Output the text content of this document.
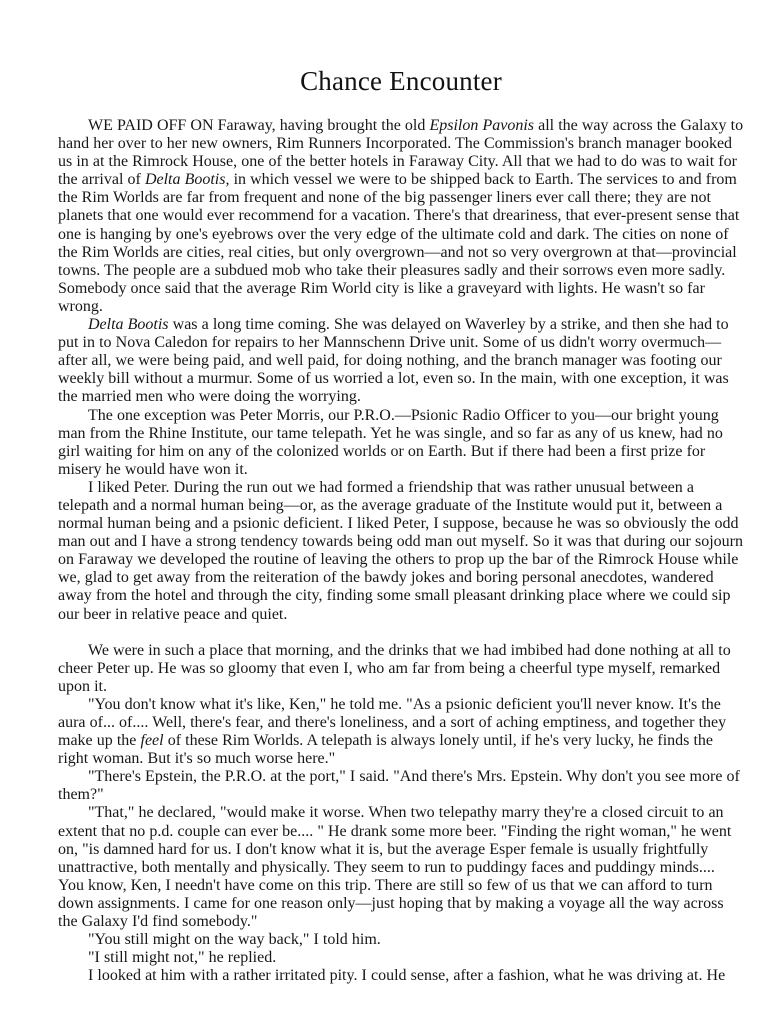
Chance Encounter

WE PAID OFF ON Faraway, having brought the old Epsilon Pavonis all the way across the Galaxy to hand her over to her new owners, Rim Runners Incorporated. The Commission's branch manager booked us in at the Rimrock House, one of the better hotels in Faraway City. All that we had to do was to wait for the arrival of Delta Bootis, in which vessel we were to be shipped back to Earth. The services to and from the Rim Worlds are far from frequent and none of the big passenger liners ever call there; they are not planets that one would ever recommend for a vacation. There's that dreariness, that ever-present sense that one is hanging by one's eyebrows over the very edge of the ultimate cold and dark. The cities on none of the Rim Worlds are cities, real cities, but only overgrown—and not so very overgrown at that—provincial towns. The people are a subdued mob who take their pleasures sadly and their sorrows even more sadly. Somebody once said that the average Rim World city is like a graveyard with lights. He wasn't so far wrong.

Delta Bootis was a long time coming. She was delayed on Waverley by a strike, and then she had to put in to Nova Caledon for repairs to her Mannschenn Drive unit. Some of us didn't worry overmuch—after all, we were being paid, and well paid, for doing nothing, and the branch manager was footing our weekly bill without a murmur. Some of us worried a lot, even so. In the main, with one exception, it was the married men who were doing the worrying.

The one exception was Peter Morris, our P.R.O.—Psionic Radio Officer to you—our bright young man from the Rhine Institute, our tame telepath. Yet he was single, and so far as any of us knew, had no girl waiting for him on any of the colonized worlds or on Earth. But if there had been a first prize for misery he would have won it.

I liked Peter. During the run out we had formed a friendship that was rather unusual between a telepath and a normal human being—or, as the average graduate of the Institute would put it, between a normal human being and a psionic deficient. I liked Peter, I suppose, because he was so obviously the odd man out and I have a strong tendency towards being odd man out myself. So it was that during our sojourn on Faraway we developed the routine of leaving the others to prop up the bar of the Rimrock House while we, glad to get away from the reiteration of the bawdy jokes and boring personal anecdotes, wandered away from the hotel and through the city, finding some small pleasant drinking place where we could sip our beer in relative peace and quiet.

We were in such a place that morning, and the drinks that we had imbibed had done nothing at all to cheer Peter up. He was so gloomy that even I, who am far from being a cheerful type myself, remarked upon it.

"You don't know what it's like, Ken," he told me. "As a psionic deficient you'll never know. It's the aura of... of.... Well, there's fear, and there's loneliness, and a sort of aching emptiness, and together they make up the feel of these Rim Worlds. A telepath is always lonely until, if he's very lucky, he finds the right woman. But it's so much worse here."

"There's Epstein, the P.R.O. at the port," I said. "And there's Mrs. Epstein. Why don't you see more of them?"

"That," he declared, "would make it worse. When two telepathy marry they're a closed circuit to an extent that no p.d. couple can ever be.... " He drank some more beer. "Finding the right woman," he went on, "is damned hard for us. I don't know what it is, but the average Esper female is usually frightfully unattractive, both mentally and physically. They seem to run to puddingy faces and puddingy minds.... You know, Ken, I needn't have come on this trip. There are still so few of us that we can afford to turn down assignments. I came for one reason only—just hoping that by making a voyage all the way across the Galaxy I'd find somebody."

"You still might on the way back," I told him.

"I still might not," he replied.

I looked at him with a rather irritated pity. I could sense, after a fashion, what he was driving at. He
